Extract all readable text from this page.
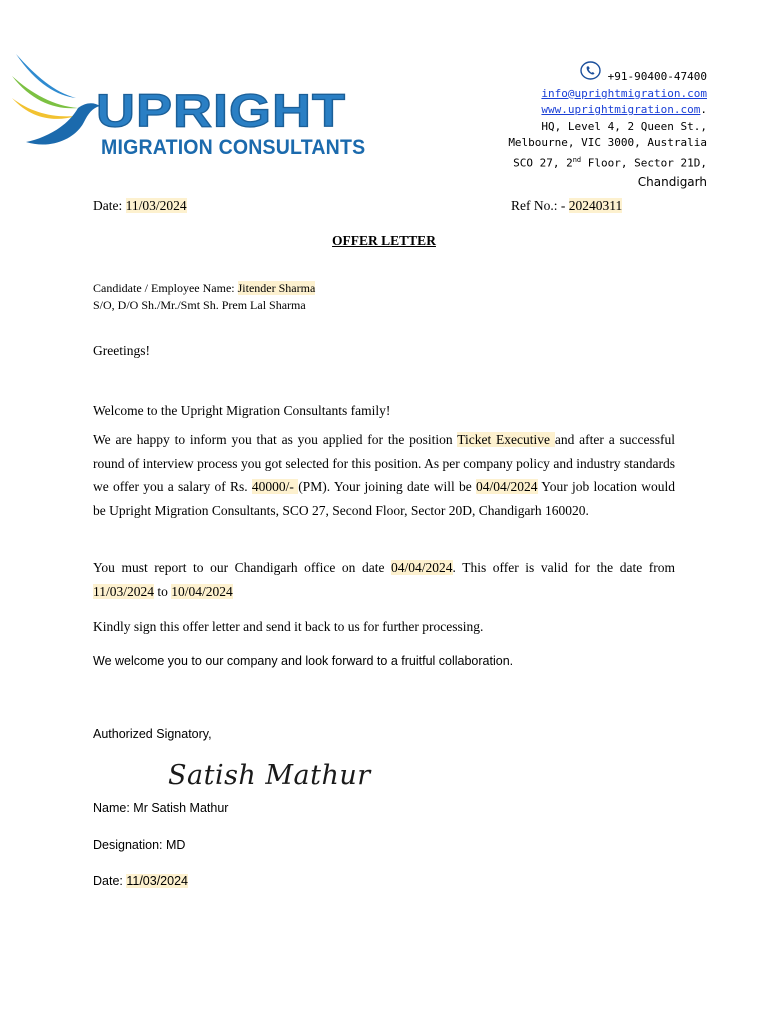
UPRIGHT
MIGRATION CONSULTANTS
+91-90400-47400
info@uprightmigration.com
www.uprightmigration.com.
HQ, Level 4, 2 Queen St.,
Melbourne, VIC 3000, Australia
SCO 27, 2nd Floor, Sector 21D,
Chandigarh
Date: 11/03/2024	Ref No.: - 20240311
OFFER LETTER
Candidate / Employee Name: Jitender Sharma
S/O, D/O Sh./Mr./Smt Sh. Prem Lal Sharma
Greetings!
Welcome to the Upright Migration Consultants family!
We are happy to inform you that as you applied for the position Ticket Executive and after a successful round of interview process you got selected for this position. As per company policy and industry standards we offer you a salary of Rs. 40000/- (PM). Your joining date will be 04/04/2024 Your job location would be Upright Migration Consultants, SCO 27, Second Floor, Sector 20D, Chandigarh 160020.
You must report to our Chandigarh office on date 04/04/2024. This offer is valid for the date from 11/03/2024 to 10/04/2024
Kindly sign this offer letter and send it back to us for further processing.
We welcome you to our company and look forward to a fruitful collaboration.
Authorized Signatory,
Satish Mathur
Name: Mr Satish Mathur
Designation: MD
Date: 11/03/2024
